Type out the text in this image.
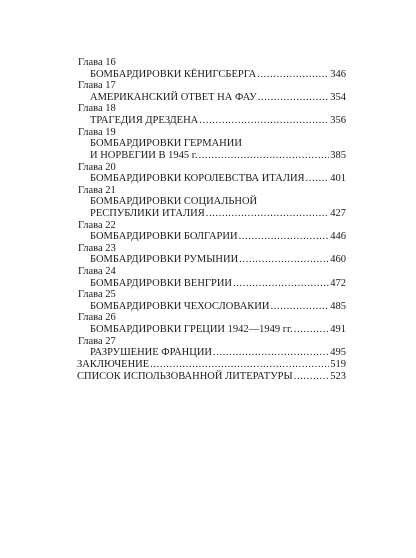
Глава 16
БОМБАРДИРОВКИ КЁНИГСБЕРГА .....	346
Глава 17
АМЕРИКАНСКИЙ ОТВЕТ НА ФАУ .....	354
Глава 18
ТРАГЕДИЯ ДРЕЗДЕНА .....	356
Глава 19
БОМБАРДИРОВКИ ГЕРМАНИИ
И НОРВЕГИИ В 1945 г. .....	385
Глава 20
БОМБАРДИРОВКИ КОРОЛЕВСТВА ИТАЛИЯ ..... 401
Глава 21
БОМБАРДИРОВКИ СОЦИАЛЬНОЙ
РЕСПУБЛИКИ ИТАЛИЯ .....	427
Глава 22
БОМБАРДИРОВКИ БОЛГАРИИ .....	446
Глава 23
БОМБАРДИРОВКИ РУМЫНИИ .....	460
Глава 24
БОМБАРДИРОВКИ ВЕНГРИИ .....	472
Глава 25
БОМБАРДИРОВКИ ЧЕХОСЛОВАКИИ .....	485
Глава 26
БОМБАРДИРОВКИ ГРЕЦИИ 1942—1949 гг. .....	491
Глава 27
РАЗРУШЕНИЕ ФРАНЦИИ .....	495
ЗАКЛЮЧЕНИЕ .....	519
СПИСОК ИСПОЛЬЗОВАННОЙ ЛИТЕРАТУРЫ .....	523
